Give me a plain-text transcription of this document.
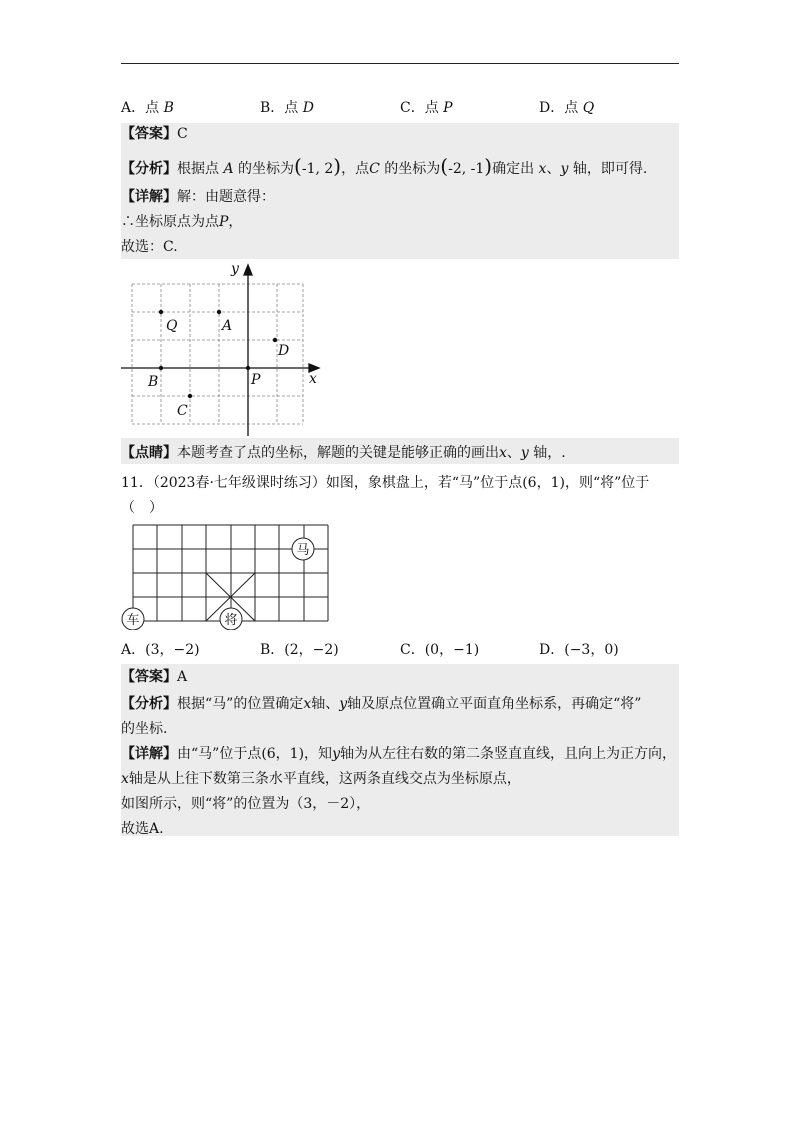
A．点 B	B．点 D	C．点 P	D．点 Q
【答案】C
【分析】根据点 A 的坐标为(-1, 2)，点C 的坐标为(-2, -1)确定出 x、y 轴，即可得.
【详解】解：由题意得：
∴坐标原点为点P，
故选：C.
y
x
Q	A
D
B	P
C
【点睛】本题考查了点的坐标，解题的关键是能够正确的画出x、y 轴，.
11．（2023春·七年级课时练习）如图，象棋盘上，若“马”位于点(6，1)，则“将”位于
（　）
马
将
车
A．(3，−2)	B．(2，−2)	C．(0，−1)	D．(−3，0)
【答案】A
【分析】根据“马”的位置确定x轴、y轴及原点位置确立平面直角坐标系，再确定“将”
的坐标.
【详解】由“马”位于点(6，1)，知y轴为从左往右数的第二条竖直直线，且向上为正方向，
x轴是从上往下数第三条水平直线，这两条直线交点为坐标原点，
如图所示，则“将”的位置为（3，－2），
故选A.
